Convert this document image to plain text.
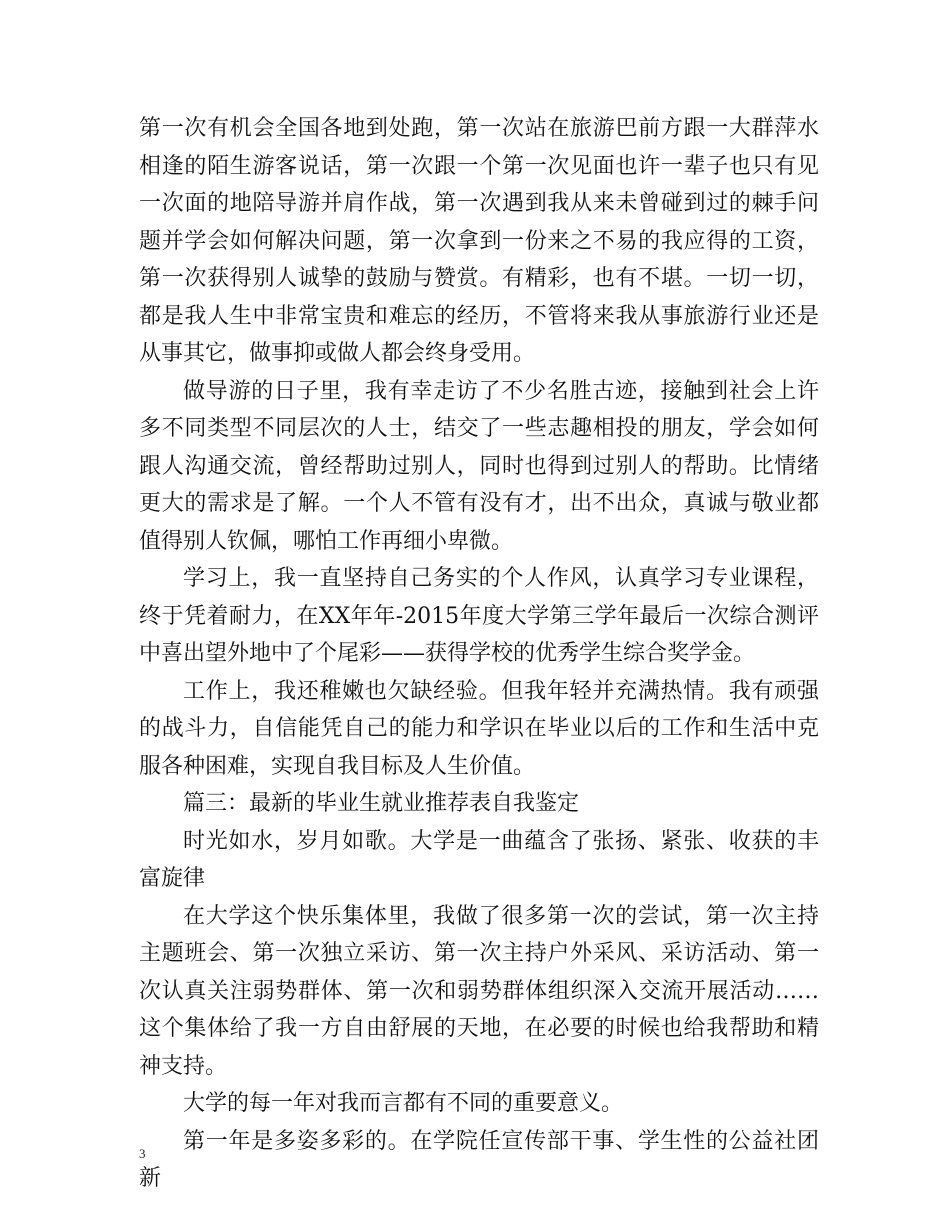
第一次有机会全国各地到处跑，第一次站在旅游巴前方跟一大群萍水相逢的陌生游客说话，第一次跟一个第一次见面也许一辈子也只有见一次面的地陪导游并肩作战，第一次遇到我从来未曾碰到过的棘手问题并学会如何解决问题，第一次拿到一份来之不易的我应得的工资，第一次获得别人诚挚的鼓励与赞赏。有精彩，也有不堪。一切一切，都是我人生中非常宝贵和难忘的经历，不管将来我从事旅游行业还是从事其它，做事抑或做人都会终身受用。

做导游的日子里，我有幸走访了不少名胜古迹，接触到社会上许多不同类型不同层次的人士，结交了一些志趣相投的朋友，学会如何跟人沟通交流，曾经帮助过别人，同时也得到过别人的帮助。比情绪更大的需求是了解。一个人不管有没有才，出不出众，真诚与敬业都值得别人钦佩，哪怕工作再细小卑微。

学习上，我一直坚持自己务实的个人作风，认真学习专业课程，终于凭着耐力，在XX年年-2015年度大学第三学年最后一次综合测评中喜出望外地中了个尾彩——获得学校的优秀学生综合奖学金。

工作上，我还稚嫩也欠缺经验。但我年轻并充满热情。我有顽强的战斗力，自信能凭自己的能力和学识在毕业以后的工作和生活中克服各种困难，实现自我目标及人生价值。

篇三：最新的毕业生就业推荐表自我鉴定

时光如水，岁月如歌。大学是一曲蕴含了张扬、紧张、收获的丰富旋律

在大学这个快乐集体里，我做了很多第一次的尝试，第一次主持主题班会、第一次独立采访、第一次主持户外采风、采访活动、第一次认真关注弱势群体、第一次和弱势群体组织深入交流开展活动……这个集体给了我一方自由舒展的天地，在必要的时候也给我帮助和精神支持。

大学的每一年对我而言都有不同的重要意义。

第一年是多姿多彩的。在学院任宣传部干事、学生性的公益社团新

3
